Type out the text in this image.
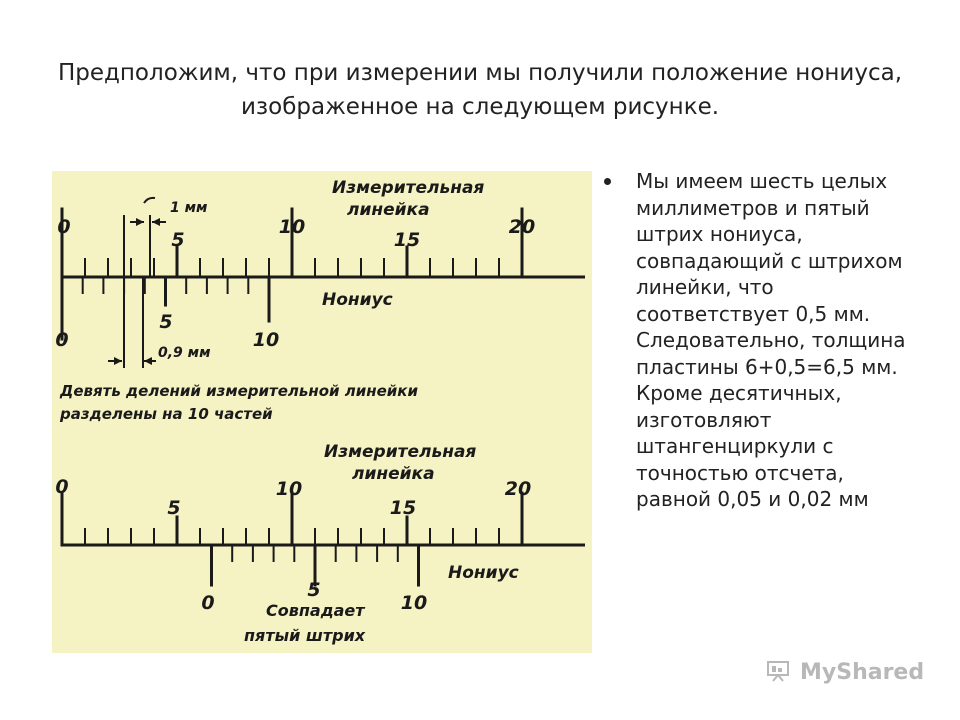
Предположим, что при измерении мы получили положение нониуса, изображенное на следующем рисунке.
Измерительная
линейка
1 мм
0
5
10
15
20
Нониус
0
5
10
0,9 мм
Девять делений измерительной линейки
разделены на 10 частей
Измерительная
линейка
0
5
10
15
20
Нониус
0
5
10
Совпадает
пятый штрих
Мы имеем шесть целых миллиметров и пятый штрих нониуса, совпадающий с штрихом линейки, что соответствует 0,5 мм. Следовательно, толщина пластины 6+0,5=6,5 мм. Кроме десятичных, изготовляют штангенциркули с точностью отсчета, равной 0,05 и 0,02 мм
MyShared
